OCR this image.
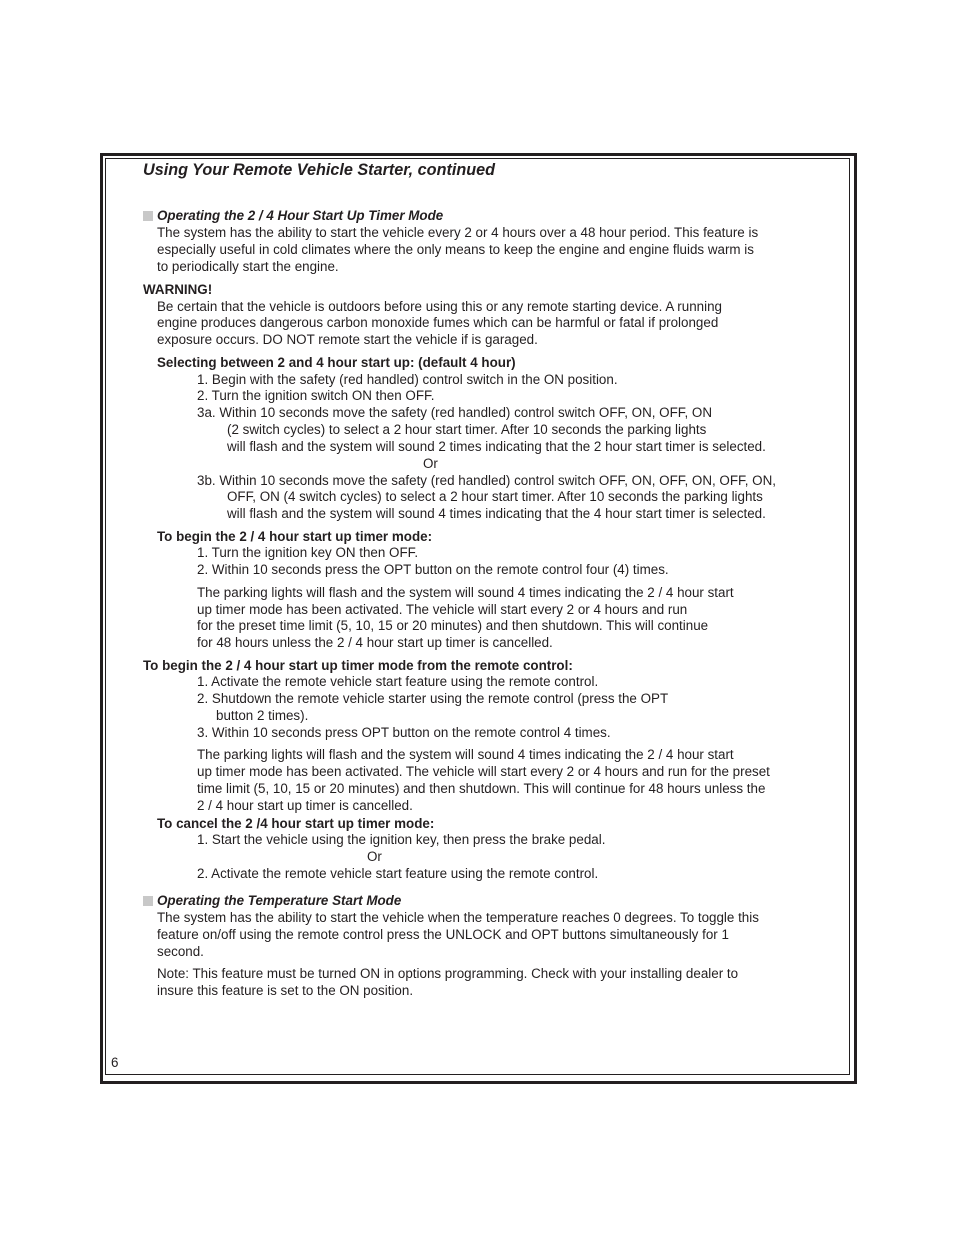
Using Your Remote Vehicle Starter, continued
Operating the 2 / 4 Hour Start Up Timer Mode
The system has the ability to start the vehicle every 2 or 4 hours over a 48 hour period. This feature is
especially useful in cold climates where the only means to keep the engine and engine fluids warm is
to periodically start the engine.
WARNING!
Be certain that the vehicle is outdoors before using this or any remote starting device. A running
engine produces dangerous carbon monoxide fumes which can be harmful or fatal if prolonged
exposure occurs. DO NOT remote start the vehicle if is garaged.
Selecting between 2 and 4 hour start up: (default 4 hour)
1. Begin with the safety (red handled) control switch in the ON position.
2. Turn the ignition switch ON then OFF.
3a. Within 10 seconds move the safety (red handled) control switch OFF, ON, OFF, ON
(2 switch cycles) to select a 2 hour start timer. After 10 seconds the parking lights
will flash and the system will sound 2 times indicating that the 2 hour start timer is selected.
Or
3b. Within 10 seconds move the safety (red handled) control switch OFF, ON, OFF, ON, OFF, ON,
OFF, ON (4 switch cycles) to select a 2 hour start timer. After 10 seconds the parking lights
will flash and the system will sound 4 times indicating that the 4 hour start timer is selected.
To begin the 2 / 4 hour start up timer mode:
1. Turn the ignition key ON then OFF.
2. Within 10 seconds press the OPT button on the remote control four (4) times.
The parking lights will flash and the system will sound 4 times indicating the 2 / 4 hour start
up timer mode has been activated. The vehicle will start every 2 or 4 hours and run
for the preset time limit (5, 10, 15 or 20 minutes) and then shutdown. This will continue
for 48 hours unless the 2 / 4 hour start up timer is cancelled.
To begin the 2 / 4 hour start up timer mode from the remote control:
1. Activate the remote vehicle start feature using the remote control.
2. Shutdown the remote vehicle starter using the remote control (press the OPT
button 2 times).
3. Within 10 seconds press OPT button on the remote control 4 times.
The parking lights will flash and the system will sound 4 times indicating the 2 / 4 hour start
up timer mode has been activated. The vehicle will start every 2 or 4 hours and run for the preset
time limit (5, 10, 15 or 20 minutes) and then shutdown. This will continue for 48 hours unless the
2 / 4 hour start up timer is cancelled.
To cancel the 2 /4 hour start up timer mode:
1. Start the vehicle using the ignition key, then press the brake pedal.
Or
2. Activate the remote vehicle start feature using the remote control.
Operating the Temperature Start Mode
The system has the ability to start the vehicle when the temperature reaches 0 degrees. To toggle this
feature on/off using the remote control press the UNLOCK and OPT buttons simultaneously for 1
second.
Note: This feature must be turned ON in options programming. Check with your installing dealer to
insure this feature is set to the ON position.
6
